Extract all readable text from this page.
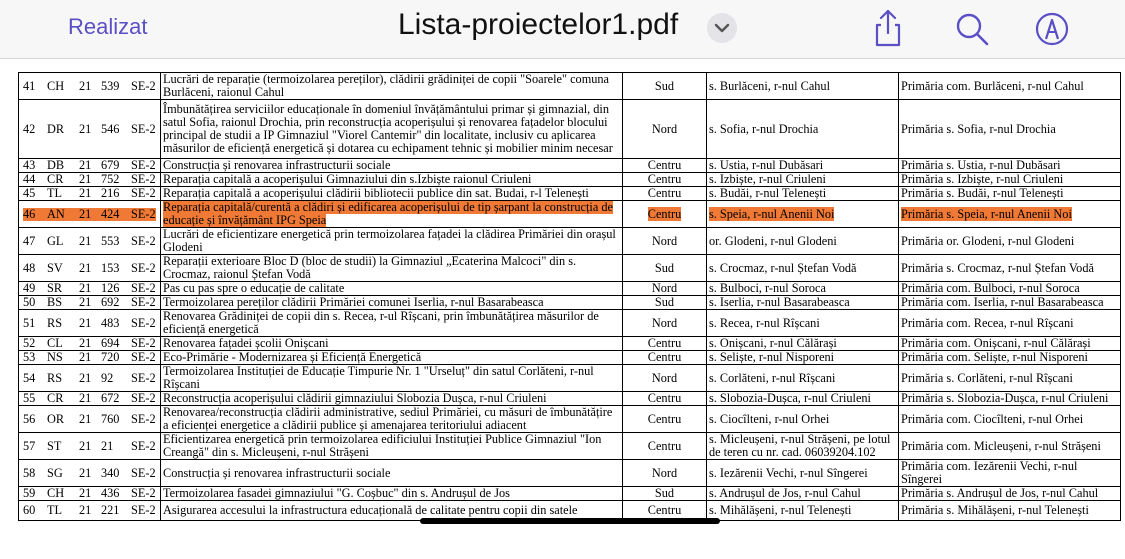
Realizat	Lista-proiectelor1.pdf
41 CH 21 539 SE-2	Lucrări de reparație (termoizolarea pereților), clădirii grădiniței de copii "Soarele" comuna Burlăceni, raionul Cahul	Sud	s. Burlăceni, r-nul Cahul	Primăria com. Burlăceni, r-nul Cahul
42 DR 21 546 SE-2	Îmbunătățirea serviciilor educaționale în domeniul învățământului primar și gimnazial, din satul Sofia, raionul Drochia, prin reconstrucția acoperișului și renovarea fațadelor blocului principal de studii a IP Gimnaziul "Viorel Cantemir" din localitate, inclusiv cu aplicarea măsurilor de eficiență energetică și dotarea cu echipament tehnic și mobilier minim necesar	Nord	s. Sofia, r-nul Drochia	Primăria s. Sofia, r-nul Drochia
43 DB 21 679 SE-2	Construcția și renovarea infrastructurii sociale	Centru	s. Ustia, r-nul Dubăsari	Primăria s. Ustia, r-nul Dubăsari
44 CR 21 752 SE-2	Reparația capitală a acoperișului Gimnaziului din s.Izbiște raionul Criuleni	Centru	s. Izbiște, r-nul Criuleni	Primăria s. Izbiște, r-nul Criuleni
45 TL 21 216 SE-2	Reparația capitală a acoperișului clădirii bibliotecii publice din sat. Budai, r-l Telenești	Centru	s. Budăi, r-nul Telenești	Primăria s. Budăi, r-nul Telenești
46 AN 21 424 SE-2	Reparația capitală/curentă a clădiri și edificarea acoperișului de tip șarpant la construcția de educație și învățământ IPG Speia	Centru	s. Speia, r-nul Anenii Noi	Primăria s. Speia, r-nul Anenii Noi
47 GL 21 553 SE-2	Lucrări de eficientizare energetică prin termoizolarea fațadei la clădirea Primăriei din orașul Glodeni	Nord	or. Glodeni, r-nul Glodeni	Primăria or. Glodeni, r-nul Glodeni
48 SV 21 153 SE-2	Reparații exterioare Bloc D (bloc de studii) la Gimnaziul „Ecaterina Malcoci" din s. Crocmaz, raionul Ștefan Vodă	Sud	s. Crocmaz, r-nul Ștefan Vodă	Primăria s. Crocmaz, r-nul Ștefan Vodă
49 SR 21 126 SE-2	Pas cu pas spre o educație de calitate	Nord	s. Bulboci, r-nul Soroca	Primăria com. Bulboci, r-nul Soroca
50 BS 21 692 SE-2	Termoizolarea pereților clădirii Primăriei comunei Iserlia, r-nul Basarabeasca	Sud	s. Iserlia, r-nul Basarabeasca	Primăria com. Iserlia, r-nul Basarabeasca
51 RS 21 483 SE-2	Renovarea Grădiniței de copii din s. Recea, r-ul Rîșcani, prin îmbunătățirea măsurilor de eficiență energetică	Nord	s. Recea, r-nul Rîșcani	Primăria com. Recea, r-nul Rîșcani
52 CL 21 694 SE-2	Renovarea fațadei școlii Onișcani	Centru	s. Onișcani, r-nul Călărași	Primăria com. Onișcani, r-nul Călărași
53 NS 21 720 SE-2	Eco-Primărie - Modernizarea și Eficiență Energetică	Centru	s. Seliște, r-nul Nisporeni	Primăria com. Seliște, r-nul Nisporeni
54 RS 21 92 SE-2	Termoizolarea Instituției de Educație Timpurie Nr. 1 "Urseluț" din satul Corlăteni, r-nul Rîșcani	Nord	s. Corlăteni, r-nul Rîșcani	Primăria s. Corlăteni, r-nul Rîșcani
55 CR 21 672 SE-2	Reconstrucția acoperișului clădirii gimnaziului Slobozia Dușca, r-nul Criuleni	Centru	s. Slobozia-Dușca, r-nul Criuleni	Primăria s. Slobozia-Dușca, r-nul Criuleni
56 OR 21 760 SE-2	Renovarea/reconstrucția clădirii administrative, sediul Primăriei, cu măsuri de îmbunătățire a eficienței energetice a clădirii publice și amenajarea teritoriului adiacent	Centru	s. Ciocîlteni, r-nul Orhei	Primăria com. Ciocîlteni, r-nul Orhei
57 ST 21 21 SE-2	Eficientizarea energetică prin termoizolarea edificiului Instituției Publice Gimnaziul "Ion Creangă" din s. Micleușeni, r-nul Strășeni	Centru	s. Micleușeni, r-nul Strășeni, pe lotul de teren cu nr. cad. 06039204.102	Primăria com. Micleușeni, r-nul Strășeni
58 SG 21 340 SE-2	Construcția și renovarea infrastructurii sociale	Nord	s. Iezărenii Vechi, r-nul Sîngerei	Primăria com. Iezărenii Vechi, r-nul Sîngerei
59 CH 21 436 SE-2	Termoizolarea fasadei gimnaziului "G. Coșbuc" din s. Andrușul de Jos	Sud	s. Andrușul de Jos, r-nul Cahul	Primăria s. Andrușul de Jos, r-nul Cahul
60 TL 21 221 SE-2	Asigurarea accesului la infrastructura educațională de calitate pentru copii din satele	Centru	s. Mihălășeni, r-nul Telenești	Primăria s. Mihălășeni, r-nul Telenești
